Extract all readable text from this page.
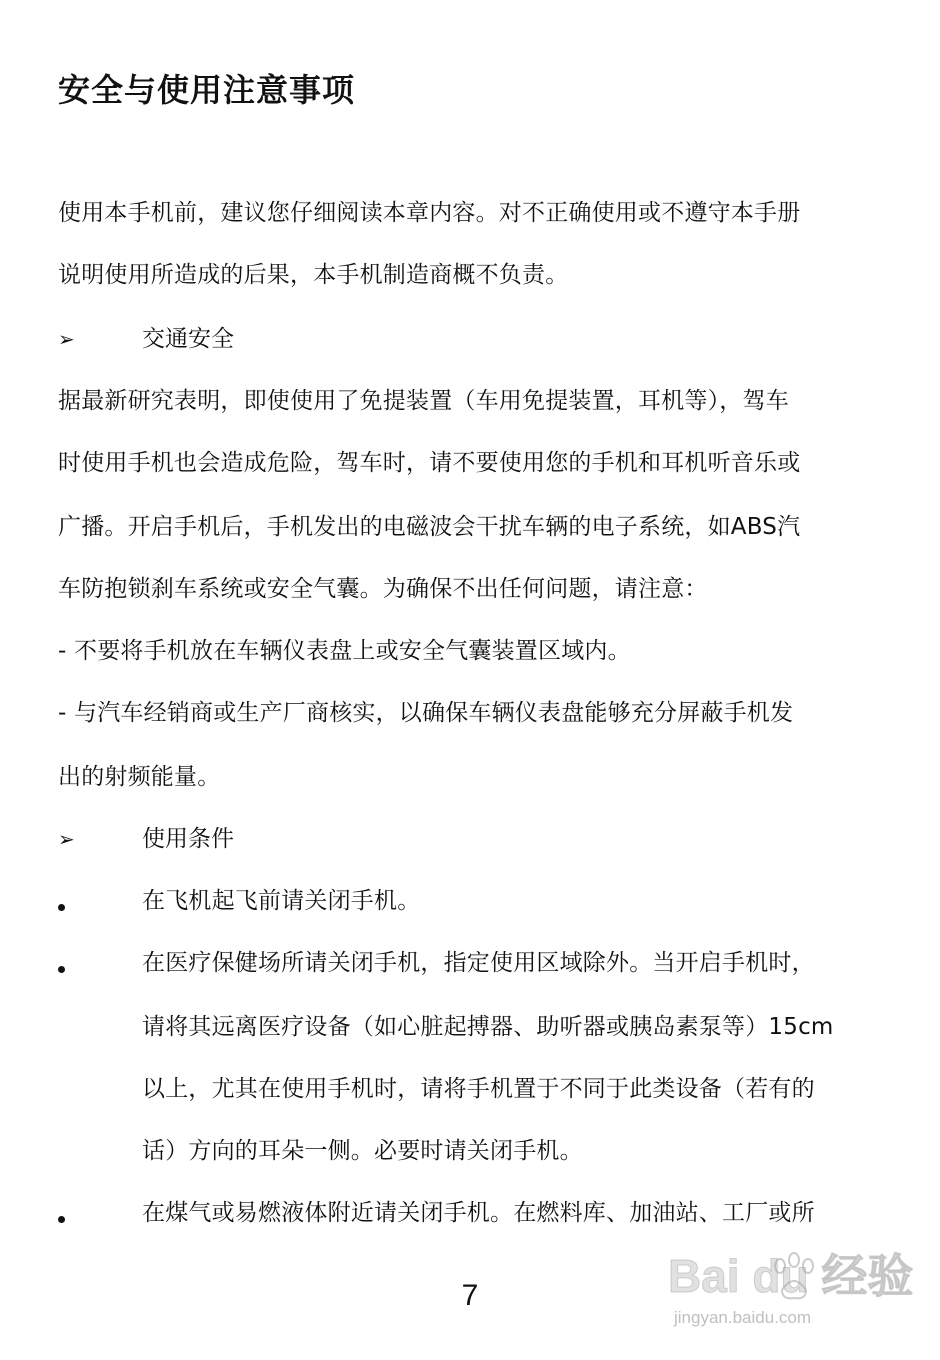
安全与使用注意事项
使用本手机前，建议您仔细阅读本章内容。对不正确使用或不遵守本手册
说明使用所造成的后果，本手机制造商概不负责。
➢	交通安全
据最新研究表明，即使使用了免提装置（车用免提装置，耳机等），驾车
时使用手机也会造成危险，驾车时，请不要使用您的手机和耳机听音乐或
广播。开启手机后，手机发出的电磁波会干扰车辆的电子系统，如ABS汽
车防抱锁刹车系统或安全气囊。为确保不出任何问题，请注意：
- 不要将手机放在车辆仪表盘上或安全气囊装置区域内。
- 与汽车经销商或生产厂商核实，以确保车辆仪表盘能够充分屏蔽手机发
出的射频能量。
➢	使用条件
在飞机起飞前请关闭手机。
在医疗保健场所请关闭手机，指定使用区域除外。当开启手机时，
请将其远离医疗设备（如心脏起搏器、助听器或胰岛素泵等）15cm
以上，尤其在使用手机时，请将手机置于不同于此类设备（若有的
话）方向的耳朵一侧。必要时请关闭手机。
在煤气或易燃液体附近请关闭手机。在燃料库、加油站、工厂或所
7	Bai du 经验
jingyan.baidu.com
